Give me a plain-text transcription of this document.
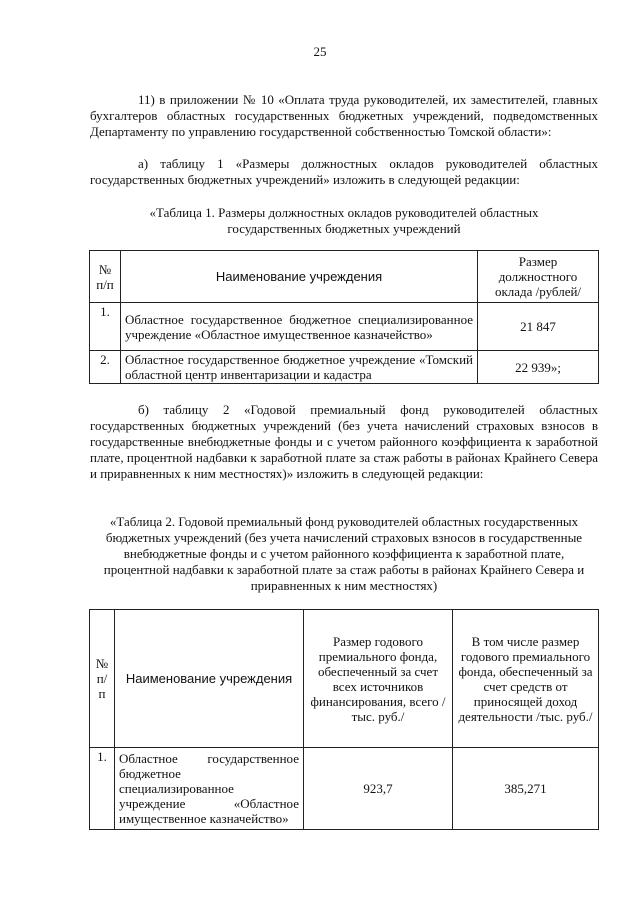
25
11) в приложении № 10 «Оплата труда руководителей, их заместителей, главных бухгалтеров областных государственных бюджетных учреждений, подведомственных Департаменту по управлению государственной собственностью Томской области»:
а) таблицу 1 «Размеры должностных окладов руководителей областных государственных бюджетных учреждений» изложить в следующей редакции:
«Таблица 1. Размеры должностных окладов руководителей областных государственных бюджетных учреждений
№ п/п	Наименование учреждения	Размер должностного оклада /рублей/
1.	Областное государственное бюджетное специализированное учреждение «Областное имущественное казначейство»	21 847
2.	Областное государственное бюджетное учреждение «Томский областной центр инвентаризации и кадастра	22 939»;
б) таблицу 2 «Годовой премиальный фонд руководителей областных государственных бюджетных учреждений (без учета начислений страховых взносов в государственные внебюджетные фонды и с учетом районного коэффициента к заработной плате, процентной надбавки к заработной плате за стаж работы в районах Крайнего Севера и приравненных к ним местностях)» изложить в следующей редакции:
«Таблица 2. Годовой премиальный фонд руководителей областных государственных бюджетных учреждений (без учета начислений страховых взносов в государственные внебюджетные фонды и с учетом районного коэффициента к заработной плате, процентной надбавки к заработной плате за стаж работы в районах Крайнего Севера и приравненных к ним местностях)
№ п/п	Наименование учреждения	Размер годового премиального фонда, обеспеченный за счет всех источников финансирования, всего /тыс. руб./	В том числе размер годового премиального фонда, обеспеченный за счет средств от приносящей доход деятельности /тыс. руб./
1.	Областное государственное бюджетное специализированное учреждение «Областное имущественное казначейство»	923,7	385,271
